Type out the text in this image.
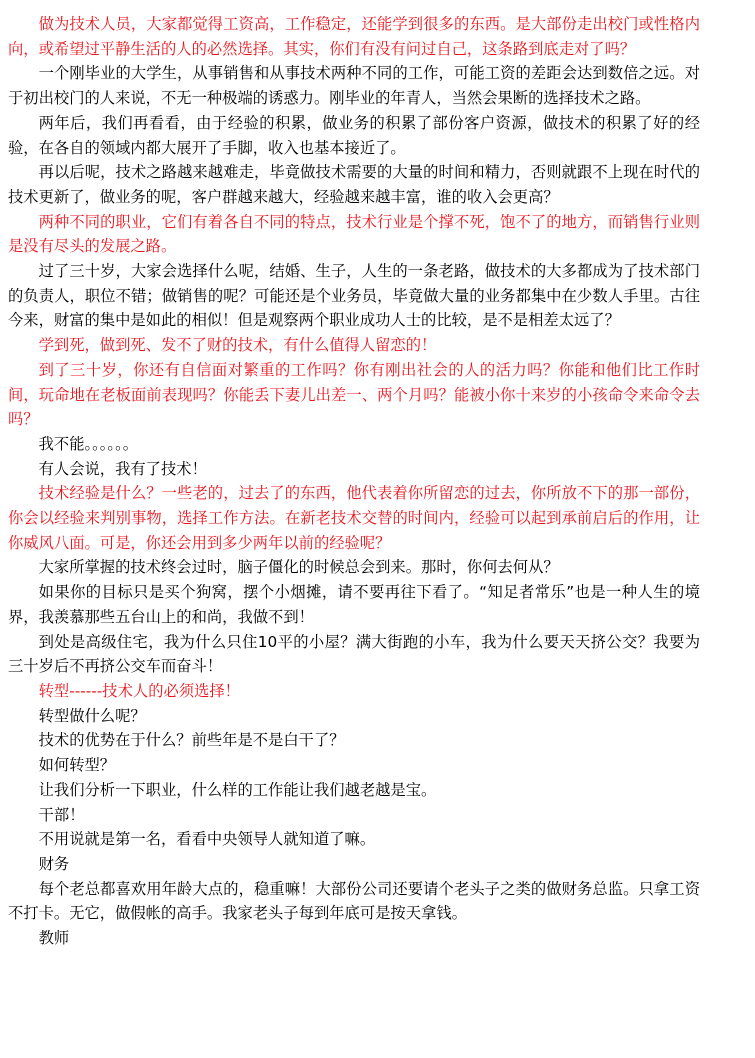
做为技术人员，大家都觉得工资高，工作稳定，还能学到很多的东西。是大部份走出校门或性格内向，或希望过平静生活的人的必然选择。其实，你们有没有问过自己，这条路到底走对了吗？

一个刚毕业的大学生，从事销售和从事技术两种不同的工作，可能工资的差距会达到数倍之远。对于初出校门的人来说，不无一种极端的诱惑力。刚毕业的年青人，当然会果断的选择技术之路。

两年后，我们再看看，由于经验的积累，做业务的积累了部份客户资源，做技术的积累了好的经验，在各自的领域内都大展开了手脚，收入也基本接近了。

再以后呢，技术之路越来越难走，毕竟做技术需要的大量的时间和精力，否则就跟不上现在时代的技术更新了，做业务的呢，客户群越来越大，经验越来越丰富，谁的收入会更高？

两种不同的职业，它们有着各自不同的特点，技术行业是个撑不死，饱不了的地方，而销售行业则是没有尽头的发展之路。

过了三十岁，大家会选择什么呢，结婚、生子，人生的一条老路，做技术的大多都成为了技术部门的负责人，职位不错；做销售的呢？可能还是个业务员，毕竟做大量的业务都集中在少数人手里。古往今来，财富的集中是如此的相似！但是观察两个职业成功人士的比较，是不是相差太远了？

学到死，做到死、发不了财的技术，有什么值得人留恋的！

到了三十岁，你还有自信面对繁重的工作吗？你有刚出社会的人的活力吗？你能和他们比工作时间，玩命地在老板面前表现吗？你能丢下妻儿出差一、两个月吗？能被小你十来岁的小孩命令来命令去吗？

我不能。。。。。。

有人会说，我有了技术！

技术经验是什么？一些老的，过去了的东西，他代表着你所留恋的过去，你所放不下的那一部份，你会以经验来判别事物，选择工作方法。在新老技术交替的时间内，经验可以起到承前启后的作用，让你威风八面。可是，你还会用到多少两年以前的经验呢？

大家所掌握的技术终会过时，脑子僵化的时候总会到来。那时，你何去何从？

如果你的目标只是买个狗窝，摆个小烟摊，请不要再往下看了。“知足者常乐”也是一种人生的境界，我羡慕那些五台山上的和尚，我做不到！

到处是高级住宅，我为什么只住10平的小屋？满大街跑的小车，我为什么要天天挤公交？我要为三十岁后不再挤公交车而奋斗！

转型------技术人的必须选择！

转型做什么呢？

技术的优势在于什么？前些年是不是白干了？

如何转型？

让我们分析一下职业，什么样的工作能让我们越老越是宝。

干部！

不用说就是第一名，看看中央领导人就知道了嘛。

财务

每个老总都喜欢用年龄大点的，稳重嘛！大部份公司还要请个老头子之类的做财务总监。只拿工资不打卡。无它，做假帐的高手。我家老头子每到年底可是按天拿钱。

教师
